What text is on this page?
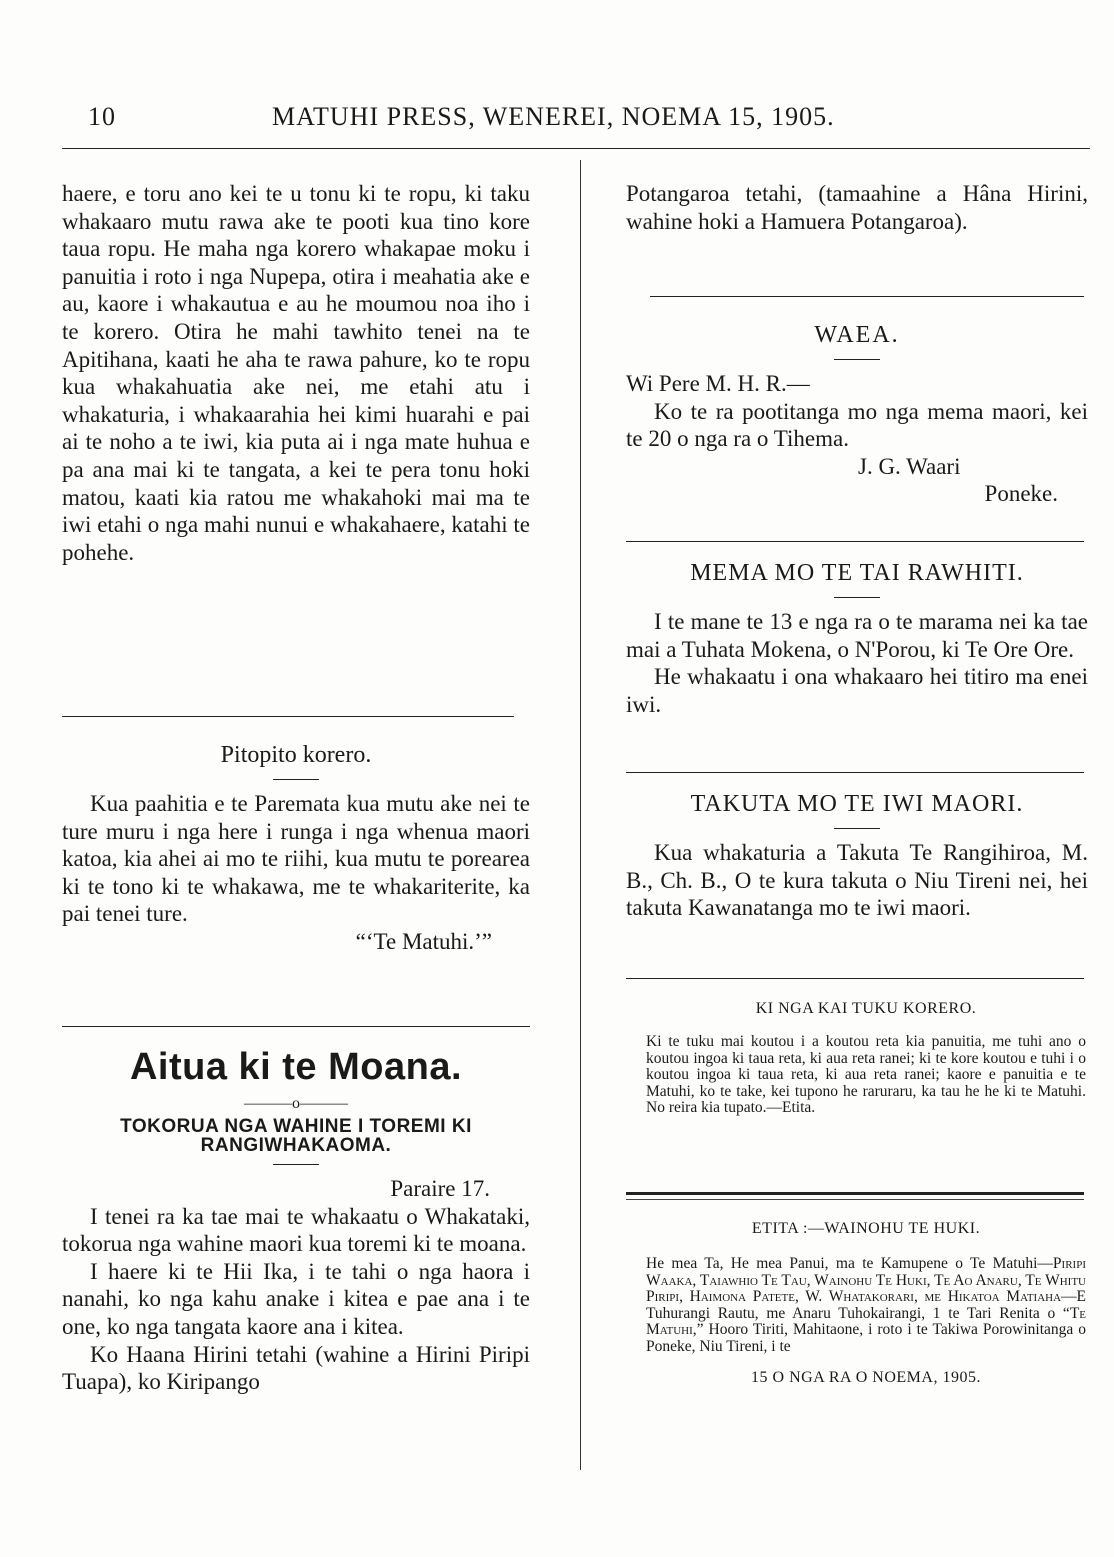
10	MATUHI PRESS, WENEREI, NOEMA 15, 1905.

haere, e toru ano kei te u tonu ki te ropu, ki taku whakaaro mutu rawa ake te pooti kua tino kore taua ropu. He maha nga korero whakapae moku i panuitia i roto i nga Nupepa, otira i meahatia ake e au, kaore i whakautua e au he moumou noa iho i te korero. Otira he mahi tawhito tenei na te Apitihana, kaati he aha te rawa pahure, ko te ropu kua whakahuatia ake nei, me etahi atu i whakaturia, i whakaarahia hei kimi huarahi e pai ai te noho a te iwi, kia puta ai i nga mate huhua e pa ana mai ki te tangata, a kei te pera tonu hoki matou, kaati kia ratou me whakahoki mai ma te iwi etahi o nga mahi nunui e whakahaere, katahi te pohehe.

Pitopito korero.

Kua paahitia e te Paremata kua mutu ake nei te ture muru i nga here i runga i nga whenua maori katoa, kia ahei ai mo te riihi, kua mutu te porearea ki te tono ki te whakawa, me te whakariterite, ka pai tenei ture.

“‘Te Matuhi.’”

Aitua ki te Moana.

———o———

TOKORUA NGA WAHINE I TOREMI KI RANGIWHAKAOMA.

Paraire 17.

I tenei ra ka tae mai te whakaatu o Whakataki, tokorua nga wahine maori kua toremi ki te moana.

I haere ki te Hii Ika, i te tahi o nga haora i nanahi, ko nga kahu anake i kitea e pae ana i te one, ko nga tangata kaore ana i kitea.

Ko Haana Hirini tetahi (wahine a Hirini Piripi Tuapa), ko Kiripango

Potangaroa tetahi, (tamaahine a Hâna Hirini, wahine hoki a Hamuera Potangaroa).

WAEA.

Wi Pere M. H. R.—

Ko te ra pootitanga mo nga mema maori, kei te 20 o nga ra o Tihema.

J. G. Waari

Poneke.

MEMA MO TE TAI RAWHITI.

I te mane te 13 e nga ra o te marama nei ka tae mai a Tuhata Mokena, o N'Porou, ki Te Ore Ore.

He whakaatu i ona whakaaro hei titiro ma enei iwi.

TAKUTA MO TE IWI MAORI.

Kua whakaturia a Takuta Te Rangihiroa, M. B., Ch. B., O te kura takuta o Niu Tireni nei, hei takuta Kawanatanga mo te iwi maori.

KI NGA KAI TUKU KORERO.

Ki te tuku mai koutou i a koutou reta kia panuitia, me tuhi ano o koutou ingoa ki taua reta, ki aua reta ranei; ki te kore koutou e tuhi i o koutou ingoa ki taua reta, ki aua reta ranei; kaore e panuitia e te Matuhi, ko te take, kei tupono he raruraru, ka tau he he ki te Matuhi. No reira kia tupato.—Etita.

ETITA :—WAINOHU TE HUKI.

He mea Ta, He mea Panui, ma te Kamupene o Te Matuhi—Piripi Waaka, Taiawhio Te Tau, Wainohu Te Huki, Te Ao Anaru, Te Whitu Piripi, Haimona Patete, W. Whatakorari, me Hikatoa Matiaha—E Tuhurangi Rautu, me Anaru Tuhokairangi, 1 te Tari Renita o “Te Matuhi,” Hooro Tiriti, Mahitaone, i roto i te Takiwa Porowinitanga o Poneke, Niu Tireni, i te

15 O NGA RA O NOEMA, 1905.
